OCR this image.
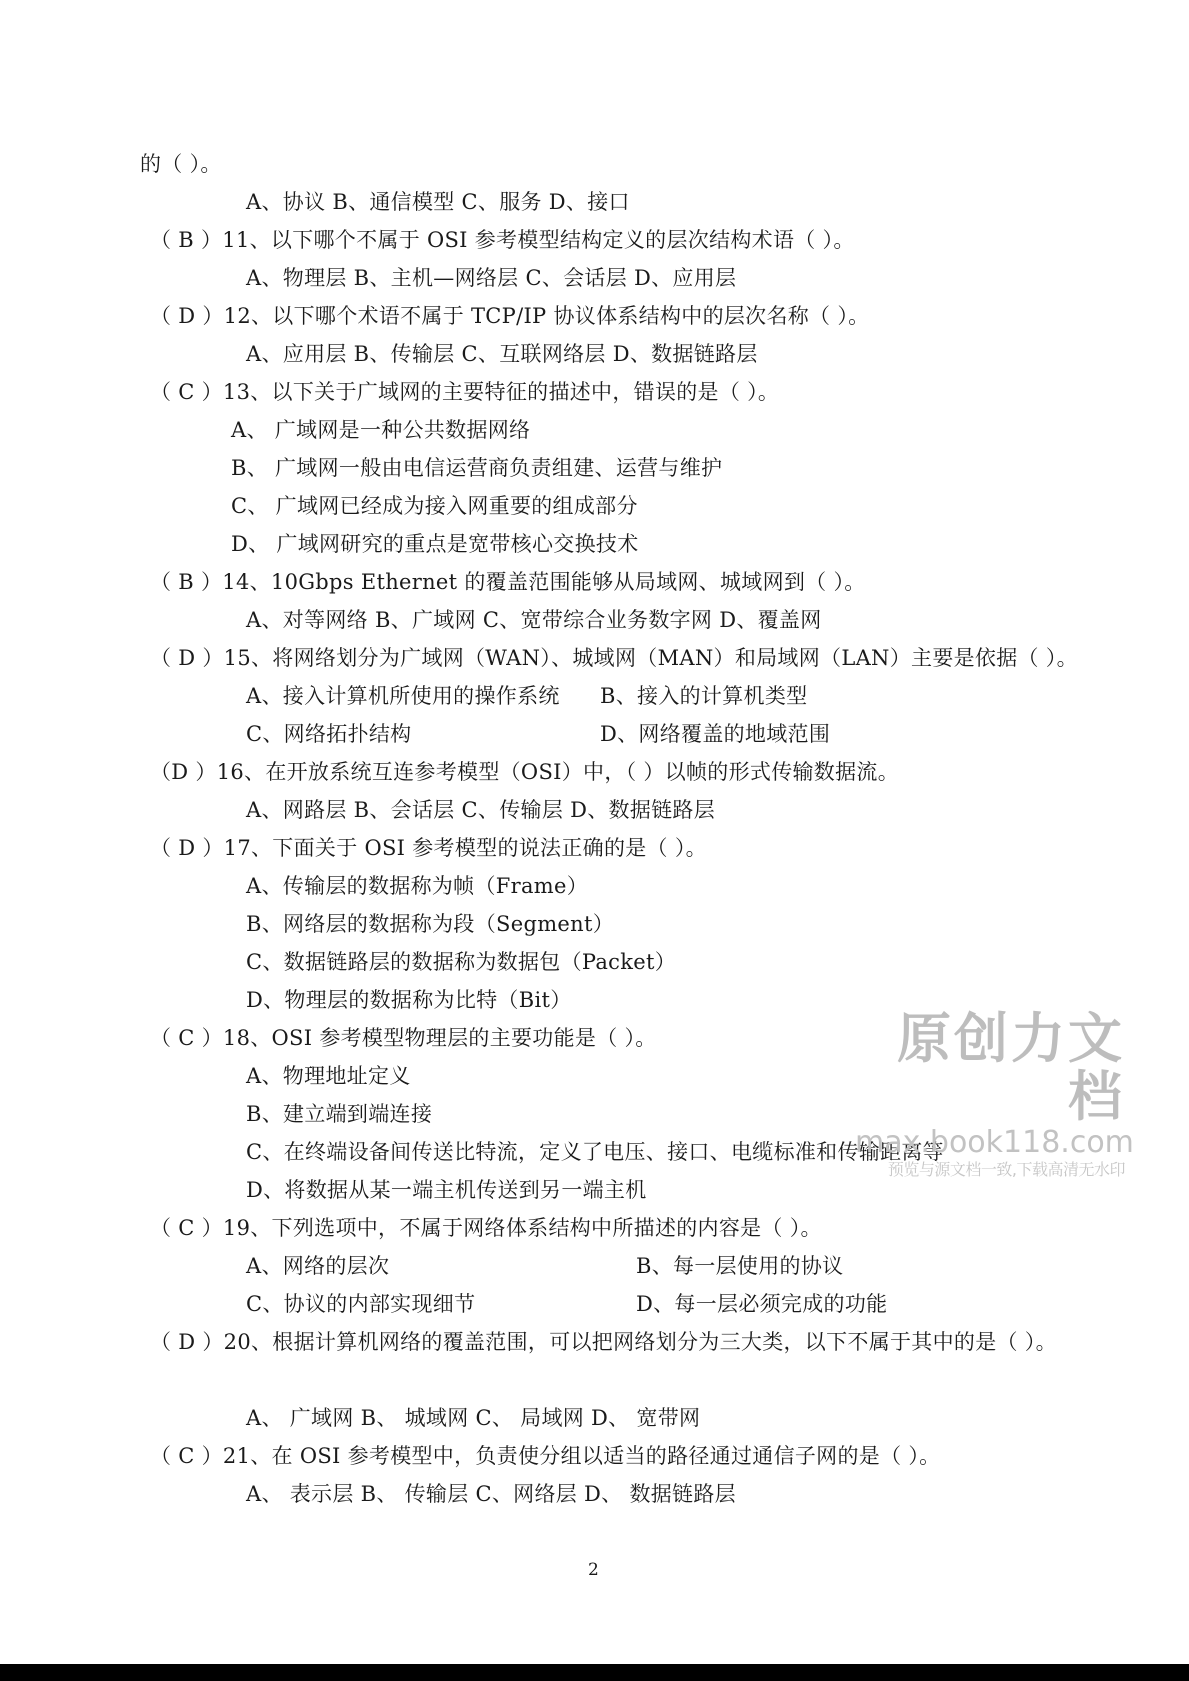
的（ ）。
A、协议 B、通信模型 C、服务 D、接口
（ B ）11、以下哪个不属于 OSI 参考模型结构定义的层次结构术语（ ）。
A、物理层 B、主机—网络层 C、会话层 D、应用层
（ D ）12、以下哪个术语不属于 TCP/IP 协议体系结构中的层次名称（ ）。
A、应用层 B、传输层 C、互联网络层 D、数据链路层
（ C ）13、以下关于广域网的主要特征的描述中，错误的是（ ）。
A、 广域网是一种公共数据网络
B、 广域网一般由电信运营商负责组建、运营与维护
C、 广域网已经成为接入网重要的组成部分
D、 广域网研究的重点是宽带核心交换技术
（ B ）14、10Gbps Ethernet 的覆盖范围能够从局域网、城域网到（ ）。
A、对等网络 B、广域网 C、宽带综合业务数字网 D、覆盖网
（ D ）15、将网络划分为广域网（WAN）、城域网（MAN）和局域网（LAN）主要是依据（ ）。
A、接入计算机所使用的操作系统 B、接入的计算机类型
C、网络拓扑结构	D、网络覆盖的地域范围
（D ）16、在开放系统互连参考模型（OSI）中，（ ）以帧的形式传输数据流。
A、网路层 B、会话层 C、传输层 D、数据链路层
（ D ）17、下面关于 OSI 参考模型的说法正确的是（ ）。
A、传输层的数据称为帧（Frame）
B、网络层的数据称为段（Segment）
C、数据链路层的数据称为数据包（Packet）
D、物理层的数据称为比特（Bit）
（ C ）18、OSI 参考模型物理层的主要功能是（ ）。
A、物理地址定义
B、建立端到端连接
C、在终端设备间传送比特流，定义了电压、接口、电缆标准和传输距离等
D、将数据从某一端主机传送到另一端主机
（ C ）19、下列选项中，不属于网络体系结构中所描述的内容是（ ）。
A、网络的层次	B、每一层使用的协议
C、协议的内部实现细节	D、每一层必须完成的功能
（ D ）20、根据计算机网络的覆盖范围，可以把网络划分为三大类，以下不属于其中的是（ ）。
A、 广域网 B、 城域网 C、 局域网 D、 宽带网
（ C ）21、在 OSI 参考模型中，负责使分组以适当的路径通过通信子网的是（ ）。
A、 表示层 B、 传输层 C、网络层 D、 数据链路层
2
原创力文档
max.book118.com
预览与源文档一致,下载高清无水印
